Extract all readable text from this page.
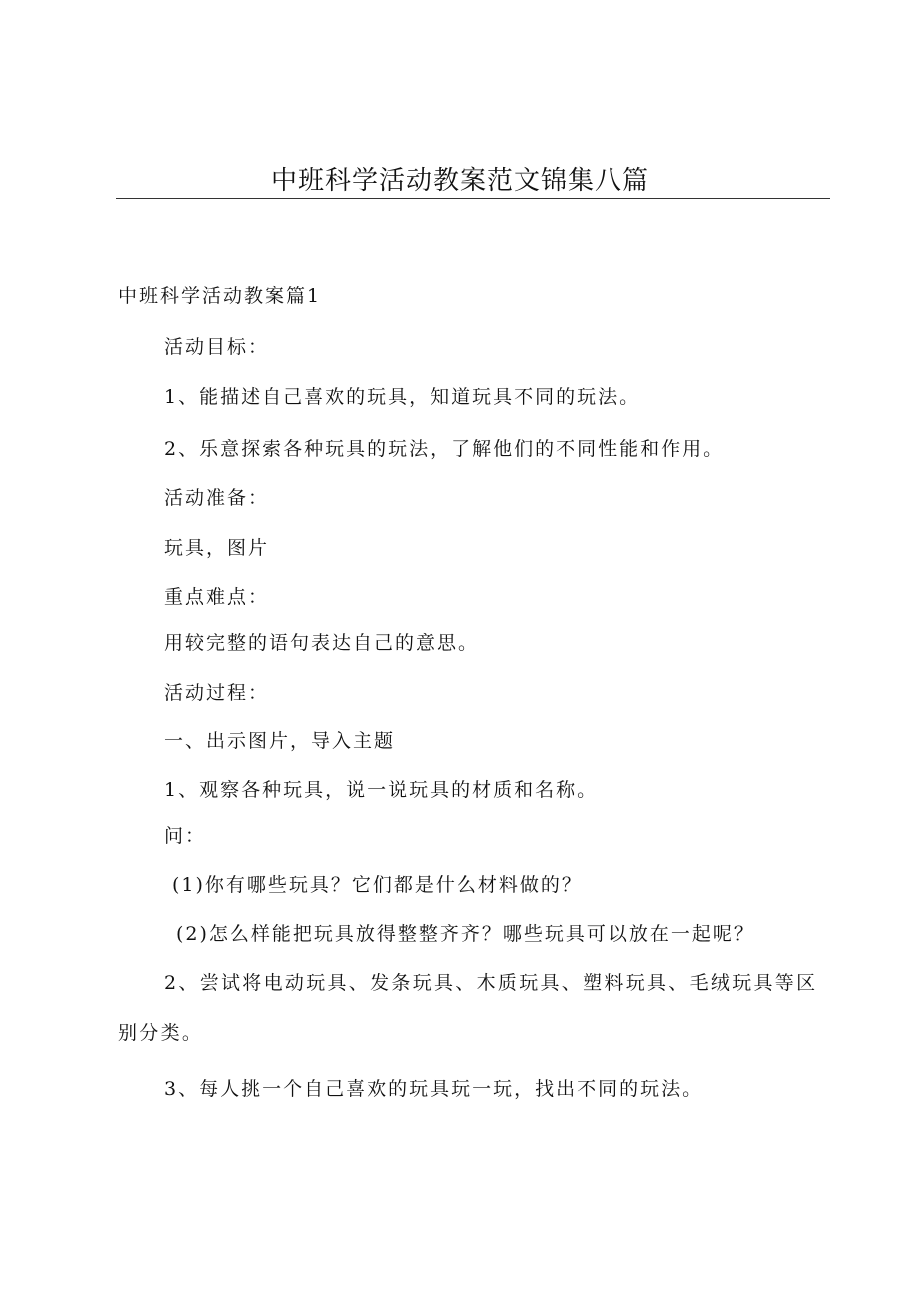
中班科学活动教案范文锦集八篇
中班科学活动教案篇1
活动目标：
1、能描述自己喜欢的玩具，知道玩具不同的玩法。
2、乐意探索各种玩具的玩法，了解他们的不同性能和作用。
活动准备：
玩具，图片
重点难点：
用较完整的语句表达自己的意思。
活动过程：
一、出示图片，导入主题
1、观察各种玩具，说一说玩具的材质和名称。
问：
(1)你有哪些玩具？它们都是什么材料做的？
(2)怎么样能把玩具放得整整齐齐？哪些玩具可以放在一起呢？
2、尝试将电动玩具、发条玩具、木质玩具、塑料玩具、毛绒玩具等区别分类。
3、每人挑一个自己喜欢的玩具玩一玩，找出不同的玩法。
